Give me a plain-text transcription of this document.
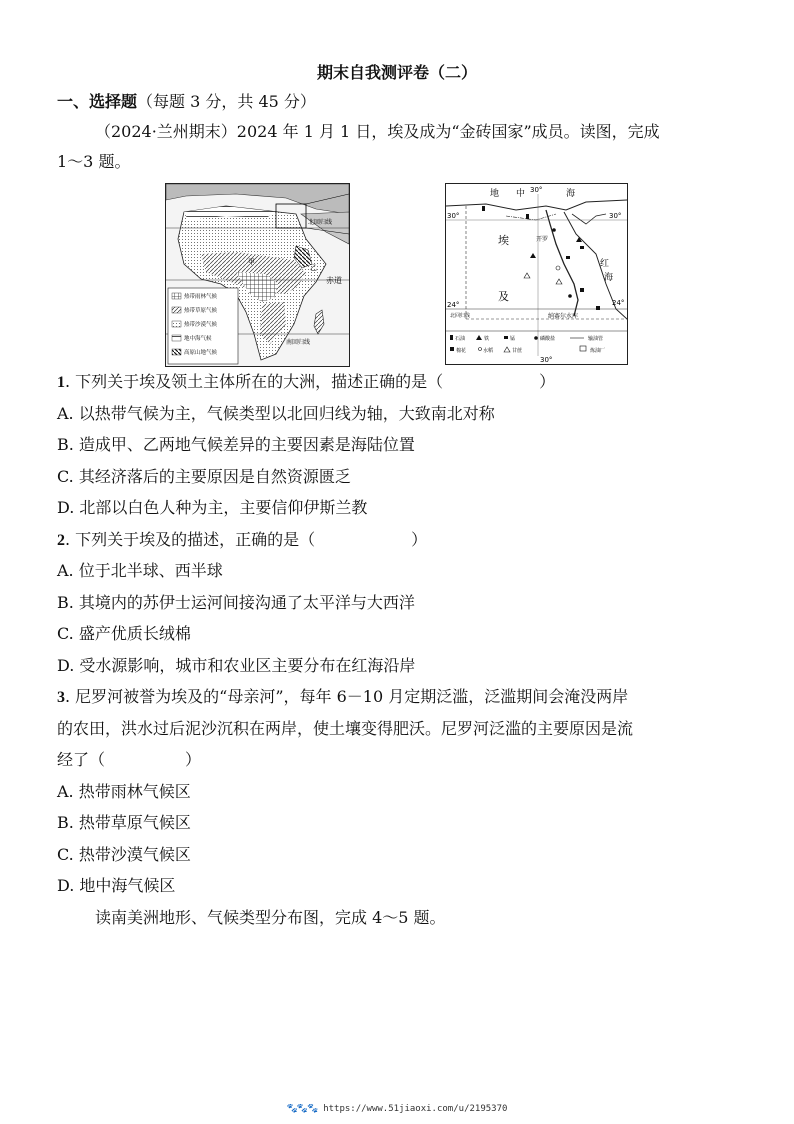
期末自我测评卷（二）
一、选择题（每题 3 分，共 45 分）
（2024·兰州期末）2024 年 1 月 1 日，埃及成为“金砖国家”成员。读图，完成
1～3 题。
北回归线
赤道
南回归线
甲
乙
热带雨林气候
热带草原气候
热带沙漠气候
地中海气候
高原山地气候
地 中	海
30°
30°	30°
24°	24°
30°
埃
及
红
海
开罗
纳赛尔水库
北回归线
石油	铁	锰	磷酸盐	输油管
棉花	水稻	甘蔗	炼油厂
1. 下列关于埃及领土主体所在的大洲，描述正确的是（　　　　　　）
A. 以热带气候为主，气候类型以北回归线为轴，大致南北对称
B. 造成甲、乙两地气候差异的主要因素是海陆位置
C. 其经济落后的主要原因是自然资源匮乏
D. 北部以白色人种为主，主要信仰伊斯兰教
2. 下列关于埃及的描述，正确的是（　　　　　　）
A. 位于北半球、西半球
B. 其境内的苏伊士运河间接沟通了太平洋与大西洋
C. 盛产优质长绒棉
D. 受水源影响，城市和农业区主要分布在红海沿岸
3. 尼罗河被誉为埃及的“母亲河”，每年 6－10 月定期泛滥，泛滥期间会淹没两岸
的农田，洪水过后泥沙沉积在两岸，使土壤变得肥沃。尼罗河泛滥的主要原因是流
经了（　　　　　）
A. 热带雨林气候区
B. 热带草原气候区
C. 热带沙漠气候区
D. 地中海气候区
读南美洲地形、气候类型分布图，完成 4～5 题。
🐾🐾🐾 https://www.51jiaoxi.com/u/2195370
